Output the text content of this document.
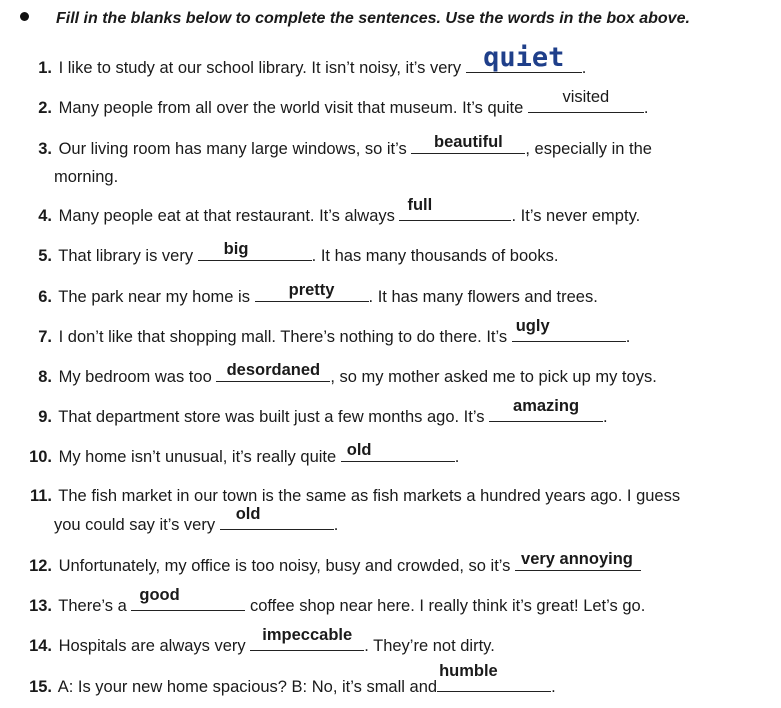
Fill in the blanks below to complete the sentences. Use the words in the box above.
1. I like to study at our school library. It isn’t noisy, it’s very quiet	.
2. Many people from all over the world visit that museum. It’s quite
visited
.
3. Our living room has many large windows, so it’s	beautiful	, especially in the
morning.
4. Many people eat at that restaurant. It’s always
full
. It’s never empty.
5. That library is very	big	. It has many thousands of books.
6. The park near my home is	pretty	. It has many flowers and trees.
7. I don’t like that shopping mall. There’s nothing to do there. It’s
ugly
.
8. My bedroom was too desordaned , so my mother asked me to pick up my toys.
9. That department store was built just a few months ago. It’s
amazing
.
10. My home isn’t unusual, it’s really quite old	.
11. The fish market in our town is the same as fish markets a hundred years ago. I guess
you could say it’s very
old
.
12. Unfortunately, my office is too noisy, busy and crowded, so it’s very annoying
13. There’s a
good
coffee shop near here. I really think it’s great! Let’s go.
14. Hospitals are always very
impeccable
. They’re not dirty.
15. A: Is your new home spacious? B: No, it’s small and
humble
.
